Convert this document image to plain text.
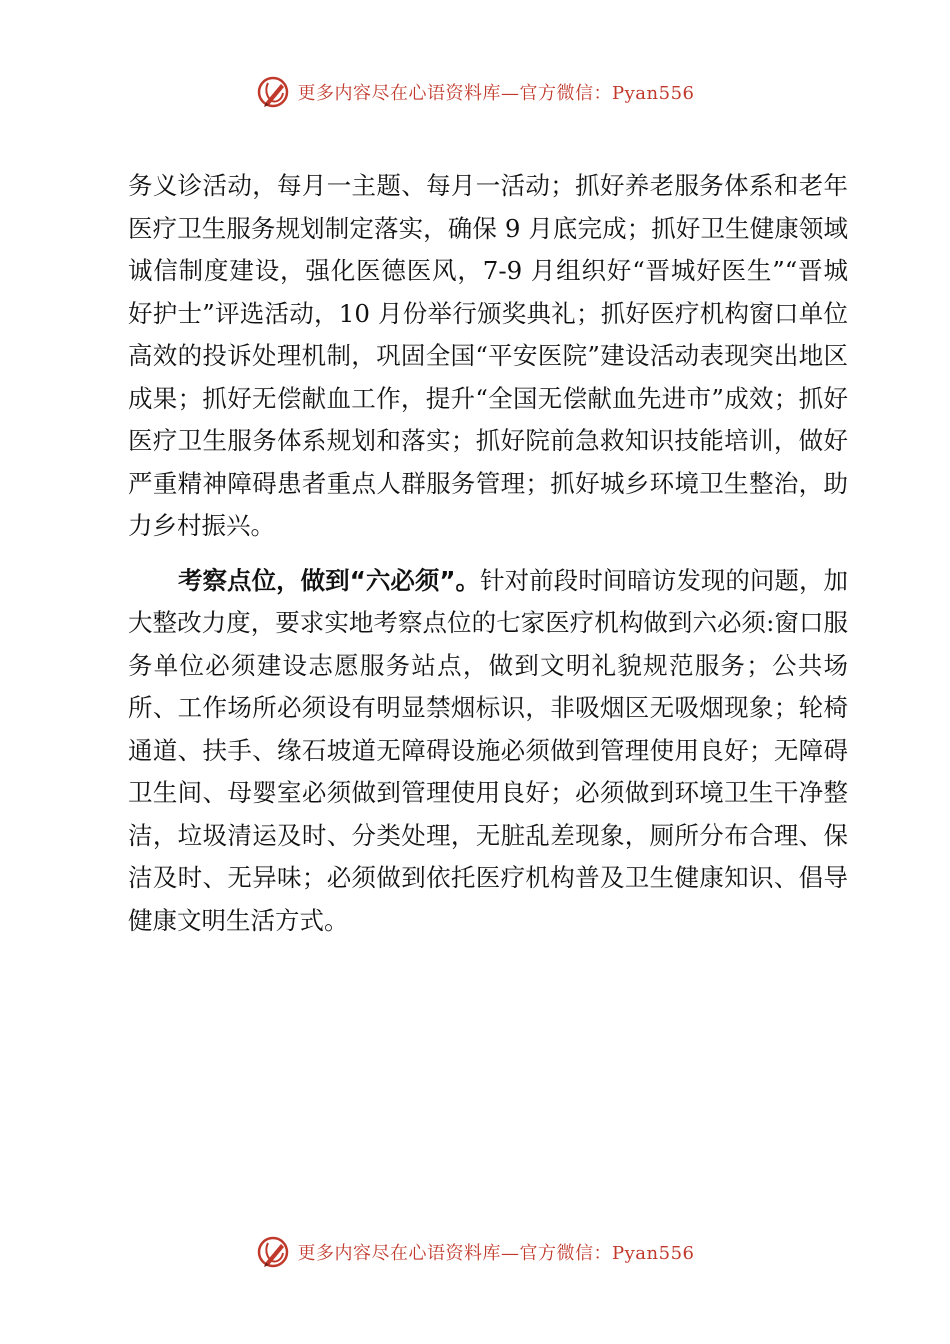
更多内容尽在心语资料库—官方微信：Pyan556

务义诊活动，每月一主题、每月一活动；抓好养老服务体系和老年医疗卫生服务规划制定落实，确保 9 月底完成；抓好卫生健康领域诚信制度建设，强化医德医风，7-9 月组织好“晋城好医生”“晋城好护士”评选活动，10 月份举行颁奖典礼；抓好医疗机构窗口单位高效的投诉处理机制，巩固全国“平安医院”建设活动表现突出地区成果；抓好无偿献血工作，提升“全国无偿献血先进市”成效；抓好医疗卫生服务体系规划和落实；抓好院前急救知识技能培训，做好严重精神障碍患者重点人群服务管理；抓好城乡环境卫生整治，助力乡村振兴。

考察点位，做到“六必须”。针对前段时间暗访发现的问题，加大整改力度，要求实地考察点位的七家医疗机构做到六必须:窗口服务单位必须建设志愿服务站点，做到文明礼貌规范服务；公共场所、工作场所必须设有明显禁烟标识，非吸烟区无吸烟现象；轮椅通道、扶手、缘石坡道无障碍设施必须做到管理使用良好；无障碍卫生间、母婴室必须做到管理使用良好；必须做到环境卫生干净整洁，垃圾清运及时、分类处理，无脏乱差现象，厕所分布合理、保洁及时、无异味；必须做到依托医疗机构普及卫生健康知识、倡导健康文明生活方式。

更多内容尽在心语资料库—官方微信：Pyan556
